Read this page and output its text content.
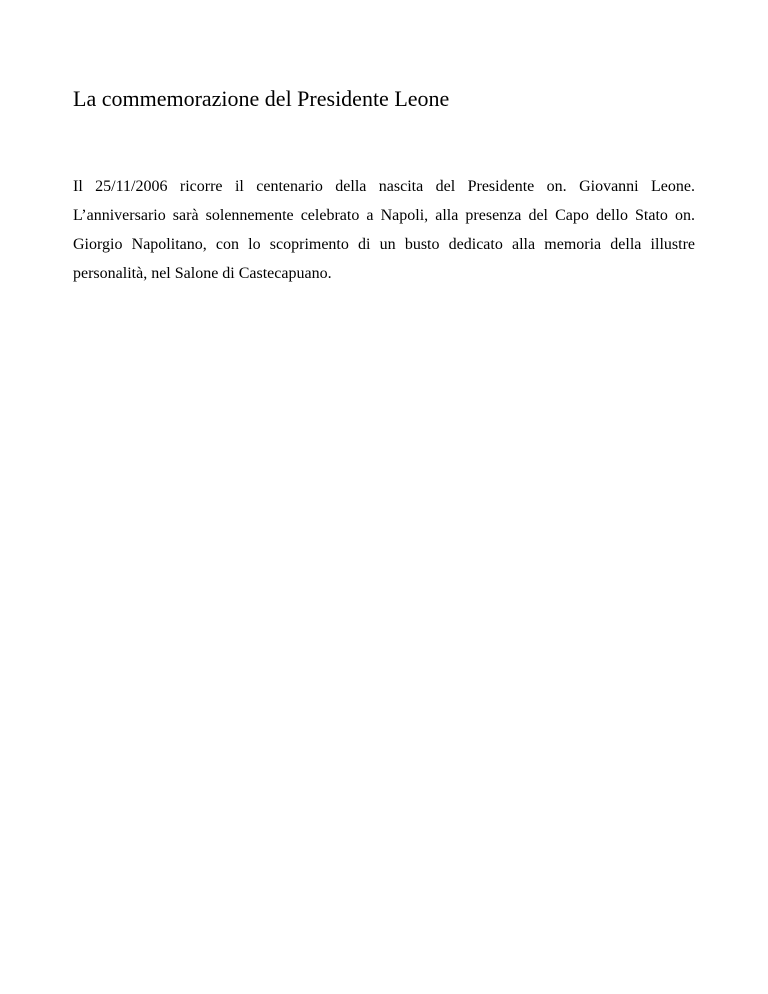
La commemorazione del Presidente Leone

Il 25/11/2006 ricorre il centenario della nascita del Presidente on. Giovanni Leone. L’anniversario sarà solennemente celebrato a Napoli, alla presenza del Capo dello Stato on. Giorgio Napolitano, con lo scoprimento di un busto dedicato alla memoria della illustre personalità, nel Salone di Castecapuano.
